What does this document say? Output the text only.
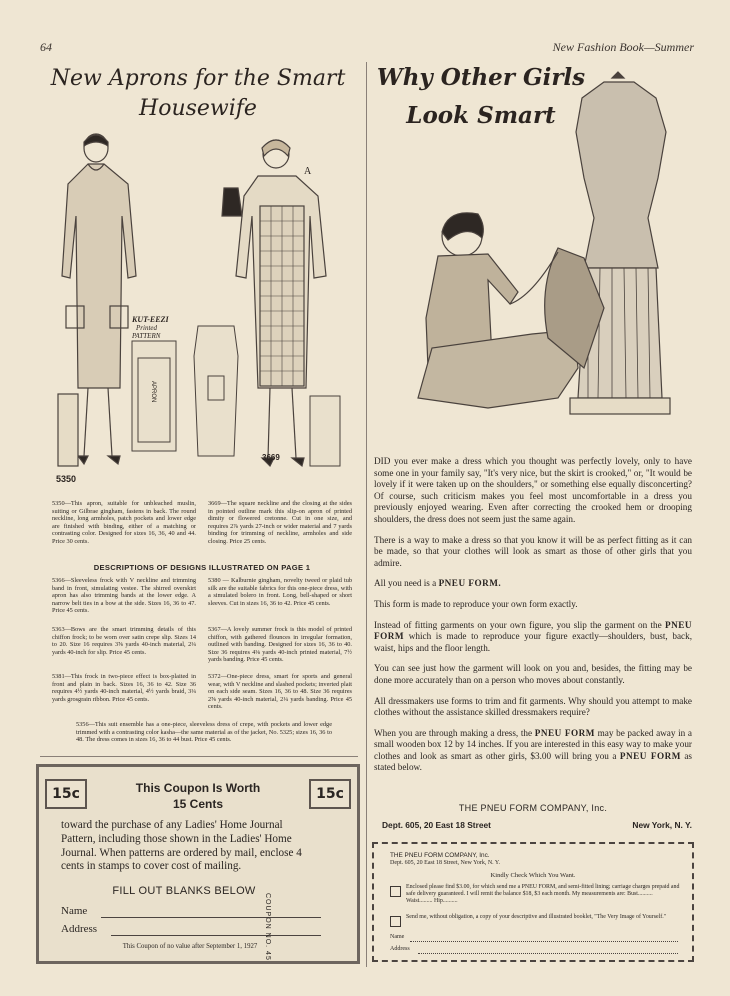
64	New Fashion Book—Summer
New Aprons for the Smart
Housewife
KUT-EEZI
Printed
PATTERN
APRON
A
5350
3669
5350—This apron, suitable for unbleached muslin, suiting or Gilbrae gingham, fastens in back. The round neckline, long armholes, patch pockets and lower edge are finished with binding, either of a matching or contrasting color. Designed for sizes 16, 36, 40 and 44. Price 30 cents.
3669—The square neckline and the closing at the sides in pointed outline mark this slip-on apron of printed dimity or flowered cretonne. Cut in one size, and requires 2⅞ yards 27-inch or wider material and 7 yards binding for trimming of neckline, armholes and side closing. Price 25 cents.
DESCRIPTIONS OF DESIGNS ILLUSTRATED ON PAGE 1
5366—Sleeveless frock with V neckline and trimming band in front, simulating vestee. The shirred overskirt apron has also trimming bands at the lower edge. A narrow belt ties in a bow at the side. Sizes 16, 36 to 47. Price 45 cents.
5363—Bows are the smart trimming details of this chiffon frock; to be worn over satin crepe slip. Sizes 14 to 20. Size 16 requires 3⅝ yards 40-inch material, 2¼ yards 40-inch for slip. Price 45 cents.
5381—This frock in two-piece effect is box-plaited in front and plain in back. Sizes 16, 36 to 42. Size 36 requires 4½ yards 40-inch material, 4½ yards braid, 3¼ yards grosgrain ribbon. Price 45 cents.
5380 — Kalburnie gingham, novelty tweed or plaid tub silk are the suitable fabrics for this one-piece dress, with a simulated bolero in front. Long, bell-shaped or short sleeves. Cut in sizes 16, 36 to 42. Price 45 cents.
5367—A lovely summer frock is this model of printed chiffon, with gathered flounces in irregular formation, outlined with banding. Designed for sizes 16, 36 to 40. Size 36 requires 4⅛ yards 40-inch printed material, 7½ yards banding. Price 45 cents.
5372—One-piece dress, smart for sports and general wear, with V neckline and slashed pockets; inverted plait on each side seam. Sizes 16, 36 to 48. Size 36 requires 2⅝ yards 40-inch material, 2¼ yards banding. Price 45 cents.
5356—This suit ensemble has a one-piece, sleeveless dress of crepe, with pockets and lower edge trimmed with a contrasting color kasha—the same material as of the jacket, No. 5325; sizes 16, 36 to 48. The dress comes in sizes 16, 36 to 44 bust. Price 45 cents.
15c	15c
This Coupon Is Worth
15 Cents
toward the purchase of any Ladies' Home Journal Pattern, including those shown in the Ladies' Home Journal. When patterns are ordered by mail, enclose 4 cents in stamps to cover cost of mailing.
FILL OUT BLANKS BELOW
Name
Address	COUPON NO. 45
This Coupon of no value after September 1, 1927
Why Other Girls
Look Smart

DID you ever make a dress which you thought was perfectly lovely, only to have some one in your family say, "It's very nice, but the skirt is crooked," or, "It would be lovely if it were taken up on the shoulders," or something else equally disconcerting? Of course, such criticism makes you feel most uncomfortable in a dress you previously enjoyed wearing. Even after correcting the crooked hem or drooping shoulders, the dress does not seem just the same again.

There is a way to make a dress so that you know it will be as perfect fitting as it can be made, so that your clothes will look as smart as those of other girls that you admire.

All you need is a PNEU FORM.

This form is made to reproduce your own form exactly.

Instead of fitting garments on your own figure, you slip the garment on the PNEU FORM which is made to reproduce your figure exactly—shoulders, bust, back, waist, hips and the floor length.

You can see just how the garment will look on you and, besides, the fitting may be done more accurately than on a person who moves about constantly.

All dressmakers use forms to trim and fit garments. Why should you attempt to make clothes without the assistance skilled dressmakers require?

When you are through making a dress, the PNEU FORM may be packed away in a small wooden box 12 by 14 inches. If you are interested in this easy way to make your clothes and look as smart as other girls, $3.00 will bring you a PNEU FORM as stated below.

THE PNEU FORM COMPANY, Inc.
Dept. 605, 20 East 18 Street	New York, N. Y.
THE PNEU FORM COMPANY, Inc.
Dept. 605, 20 East 18 Street, New York, N. Y.
Kindly Check Which You Want.
Enclosed please find $3.00, for which send me a PNEU FORM, and semi-fitted lining; carriage charges prepaid and safe delivery guaranteed. I will remit the balance $18, $3 each month. My measurements are: Bust.......... Waist......... Hip..........
Send me, without obligation, a copy of your descriptive and illustrated booklet, "The Very Image of Yourself."
Name
Address
